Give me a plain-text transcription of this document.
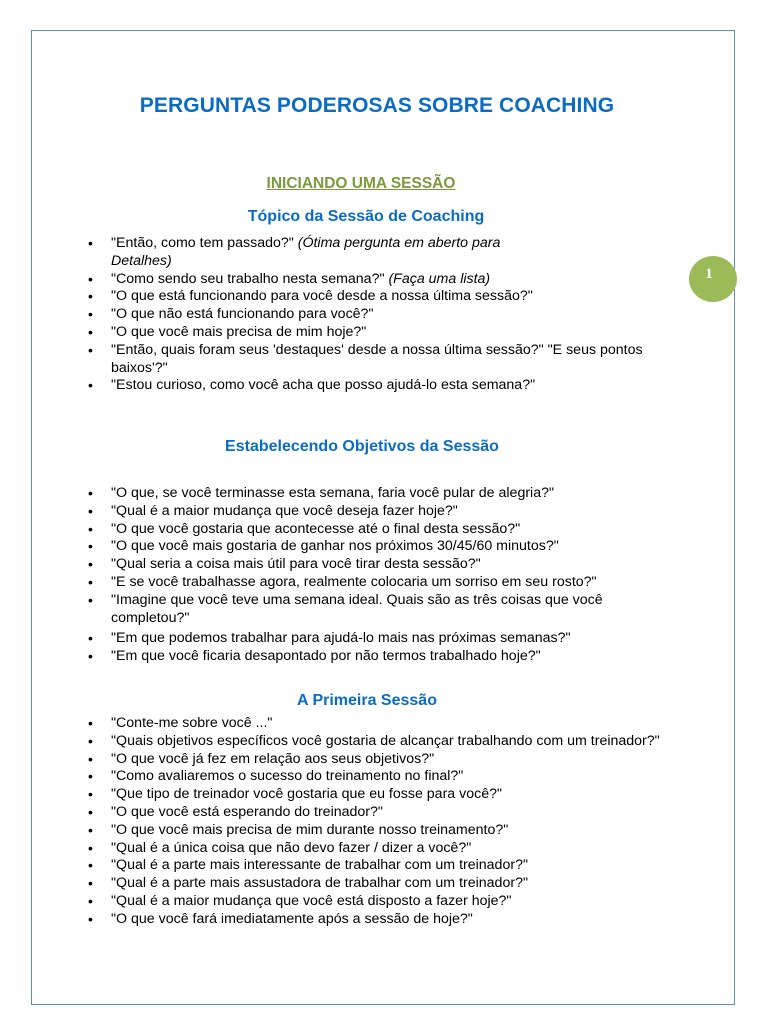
PERGUNTAS PODEROSAS SOBRE COACHING
INICIANDO UMA SESSÃO
Tópico da Sessão de Coaching
• "Então, como tem passado?" (Ótima pergunta em aberto para Detalhes)
• "Como sendo seu trabalho nesta semana?" (Faça uma lista)
• "O que está funcionando para você desde a nossa última sessão?"
• "O que não está funcionando para você?"
• "O que você mais precisa de mim hoje?"
• "Então, quais foram seus 'destaques' desde a nossa última sessão?" "E seus pontos baixos'?"
• "Estou curioso, como você acha que posso ajudá-lo esta semana?"
Estabelecendo Objetivos da Sessão
• "O que, se você terminasse esta semana, faria você pular de alegria?"
• "Qual é a maior mudança que você deseja fazer hoje?"
• "O que você gostaria que acontecesse até o final desta sessão?"
• "O que você mais gostaria de ganhar nos próximos 30/45/60 minutos?"
• "Qual seria a coisa mais útil para você tirar desta sessão?"
• "E se você trabalhasse agora, realmente colocaria um sorriso em seu rosto?"
• "Imagine que você teve uma semana ideal. Quais são as três coisas que você completou?"
• "Em que podemos trabalhar para ajudá-lo mais nas próximas semanas?"
• "Em que você ficaria desapontado por não termos trabalhado hoje?"
A Primeira Sessão
• "Conte-me sobre você ..."
• "Quais objetivos específicos você gostaria de alcançar trabalhando com um treinador?"
• "O que você já fez em relação aos seus objetivos?"
• "Como avaliaremos o sucesso do treinamento no final?"
• "Que tipo de treinador você gostaria que eu fosse para você?"
• "O que você está esperando do treinador?"
• "O que você mais precisa de mim durante nosso treinamento?"
• "Qual é a única coisa que não devo fazer / dizer a você?"
• "Qual é a parte mais interessante de trabalhar com um treinador?"
• "Qual é a parte mais assustadora de trabalhar com um treinador?"
• "Qual é a maior mudança que você está disposto a fazer hoje?"
• "O que você fará imediatamente após a sessão de hoje?"
1
